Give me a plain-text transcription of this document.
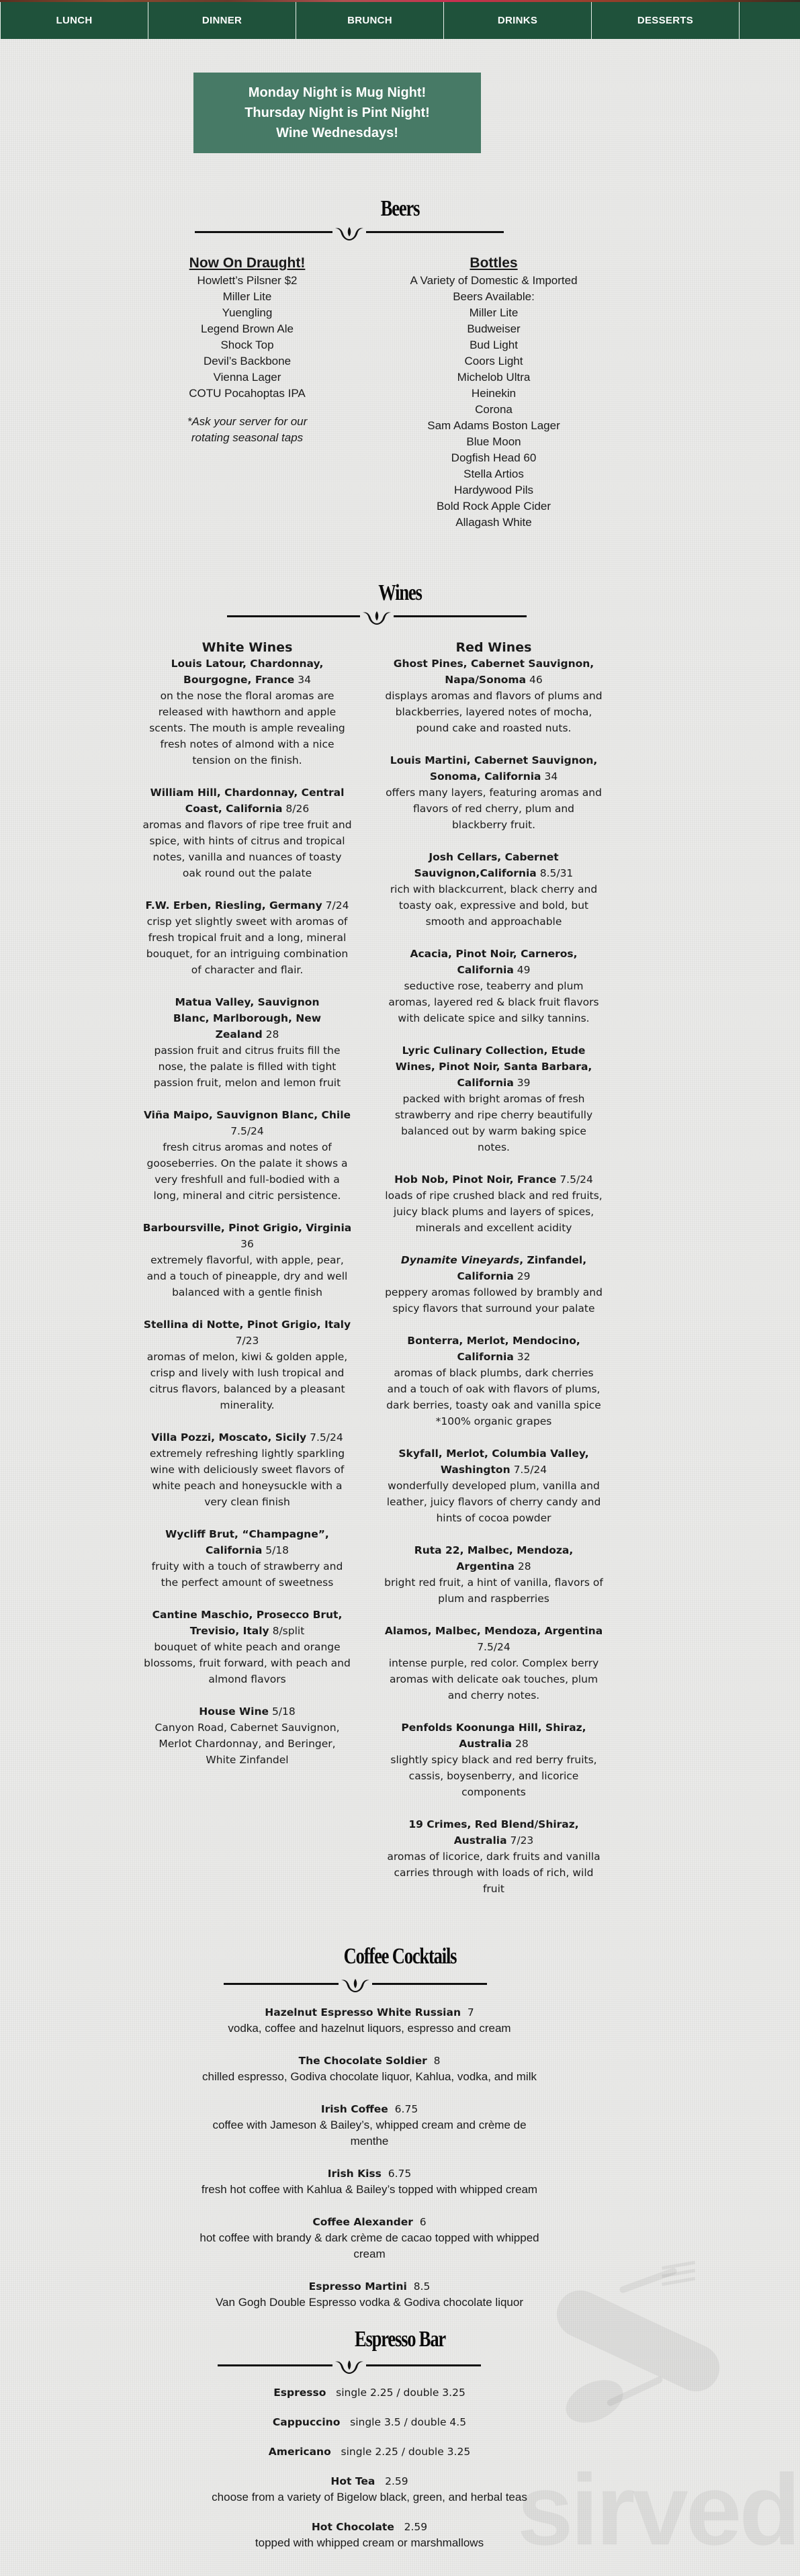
LUNCH	DINNER	BRUNCH	DRINKS	DESSERTS
Monday Night is Mug Night!
Thursday Night is Pint Night!
Wine Wednesdays!
Beers
Now On Draught!
Howlett’s Pilsner $2
Miller Lite
Yuengling
Legend Brown Ale
Shock Top
Devil’s Backbone
Vienna Lager
COTU Pocahoptas IPA
*Ask your server for our rotating seasonal taps
Bottles
A Variety of Domestic & Imported Beers Available:
Miller Lite
Budweiser
Bud Light
Coors Light
Michelob Ultra
Heinekin
Corona
Sam Adams Boston Lager
Blue Moon
Dogfish Head 60
Stella Artios
Hardywood Pils
Bold Rock Apple Cider
Allagash White
Wines
White Wines
Louis Latour, Chardonnay, Bourgogne, France 34
on the nose the floral aromas are released with hawthorn and apple scents. The mouth is ample revealing fresh notes of almond with a nice tension on the finish.
William Hill, Chardonnay, Central Coast, California 8/26
aromas and flavors of ripe tree fruit and spice, with hints of citrus and tropical notes, vanilla and nuances of toasty oak round out the palate
F.W. Erben, Riesling, Germany 7/24
crisp yet slightly sweet with aromas of fresh tropical fruit and a long, mineral bouquet, for an intriguing combination of character and flair.
Matua Valley, Sauvignon Blanc, Marlborough, New Zealand 28
passion fruit and citrus fruits fill the nose, the palate is filled with tight passion fruit, melon and lemon fruit
Viña Maipo, Sauvignon Blanc, Chile 7.5/24
fresh citrus aromas and notes of gooseberries. On the palate it shows a very freshfull and full-bodied with a long, mineral and citric persistence.
Barboursville, Pinot Grigio, Virginia 36
extremely flavorful, with apple, pear, and a touch of pineapple, dry and well balanced with a gentle finish
Stellina di Notte, Pinot Grigio, Italy 7/23
aromas of melon, kiwi & golden apple, crisp and lively with lush tropical and citrus flavors, balanced by a pleasant minerality.
Villa Pozzi, Moscato, Sicily 7.5/24
extremely refreshing lightly sparkling wine with deliciously sweet flavors of white peach and honeysuckle with a very clean finish
Wycliff Brut, “Champagne”, California 5/18
fruity with a touch of strawberry and the perfect amount of sweetness
Cantine Maschio, Prosecco Brut, Trevisio, Italy 8/split
bouquet of white peach and orange blossoms, fruit forward, with peach and almond flavors
House Wine 5/18
Canyon Road, Cabernet Sauvignon, Merlot Chardonnay, and Beringer, White Zinfandel
Red Wines
Ghost Pines, Cabernet Sauvignon, Napa/Sonoma 46
displays aromas and flavors of plums and blackberries, layered notes of mocha, pound cake and roasted nuts.
Louis Martini, Cabernet Sauvignon, Sonoma, California 34
offers many layers, featuring aromas and flavors of red cherry, plum and blackberry fruit.
Josh Cellars, Cabernet Sauvignon,California 8.5/31
rich with blackcurrent, black cherry and toasty oak, expressive and bold, but smooth and approachable
Acacia, Pinot Noir, Carneros, California 49
seductive rose, teaberry and plum aromas, layered red & black fruit flavors with delicate spice and silky tannins.
Lyric Culinary Collection, Etude Wines, Pinot Noir, Santa Barbara, California 39
packed with bright aromas of fresh strawberry and ripe cherry beautifully balanced out by warm baking spice notes.
Hob Nob, Pinot Noir, France 7.5/24
loads of ripe crushed black and red fruits, juicy black plums and layers of spices, minerals and excellent acidity
Dynamite Vineyards, Zinfandel, California 29
peppery aromas followed by brambly and spicy flavors that surround your palate
Bonterra, Merlot, Mendocino, California 32
aromas of black plumbs, dark cherries and a touch of oak with flavors of plums, dark berries, toasty oak and vanilla spice *100% organic grapes
Skyfall, Merlot, Columbia Valley, Washington 7.5/24
wonderfully developed plum, vanilla and leather, juicy flavors of cherry candy and hints of cocoa powder
Ruta 22, Malbec, Mendoza, Argentina 28
bright red fruit, a hint of vanilla, flavors of plum and raspberries
Alamos, Malbec, Mendoza, Argentina 7.5/24
intense purple, red color. Complex berry aromas with delicate oak touches, plum and cherry notes.
Penfolds Koonunga Hill, Shiraz, Australia 28
slightly spicy black and red berry fruits, cassis, boysenberry, and licorice components
19 Crimes, Red Blend/Shiraz, Australia 7/23
aromas of licorice, dark fruits and vanilla carries through with loads of rich, wild fruit
Coffee Cocktails
Hazelnut Espresso White Russian 7
vodka, coffee and hazelnut liquors, espresso and cream
The Chocolate Soldier 8
chilled espresso, Godiva chocolate liquor, Kahlua, vodka, and milk
Irish Coffee 6.75
coffee with Jameson & Bailey’s, whipped cream and crème de menthe
Irish Kiss 6.75
fresh hot coffee with Kahlua & Bailey’s topped with whipped cream
Coffee Alexander 6
hot coffee with brandy & dark crème de cacao topped with whipped cream
Espresso Martini 8.5
Van Gogh Double Espresso vodka & Godiva chocolate liquor
Espresso Bar
Espresso single 2.25 / double 3.25
Cappuccino single 3.5 / double 4.5
Americano single 2.25 / double 3.25
Hot Tea 2.59
choose from a variety of Bigelow black, green, and herbal teas
Hot Chocolate 2.59
topped with whipped cream or marshmallows sirved
